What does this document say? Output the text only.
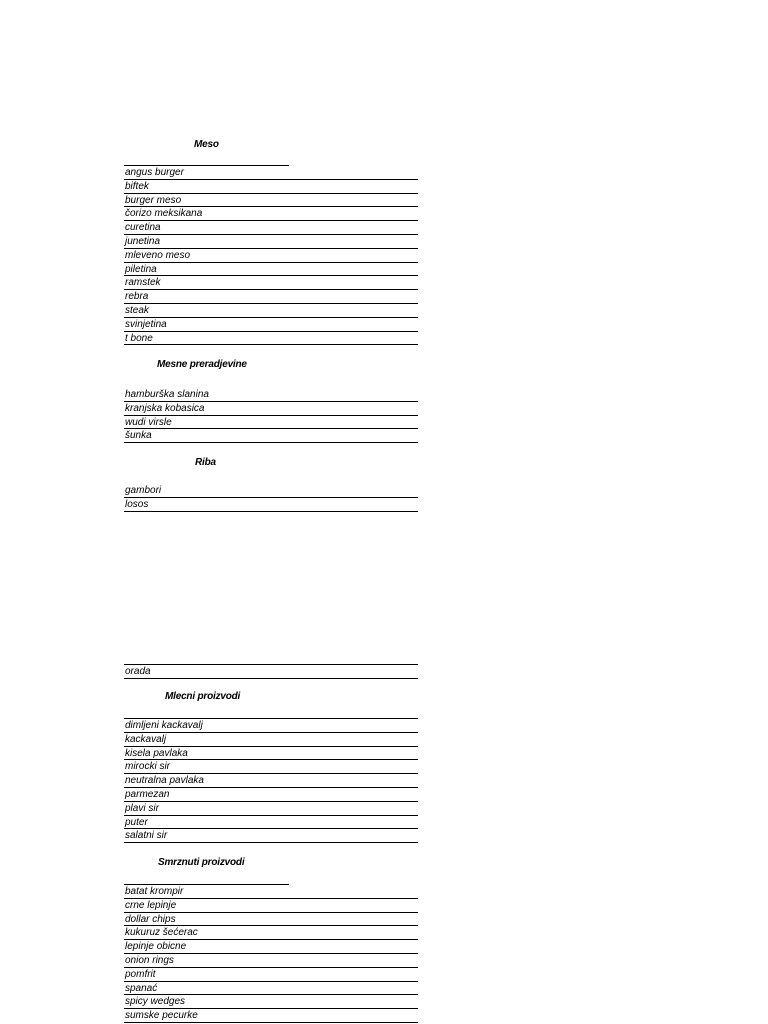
Meso
angus burger
biftek
burger meso
čorizo meksikana
curetina
junetina
mleveno meso
piletina
ramstek
rebra
steak
svinjetina
t bone
Mesne preradjevine
hamburška slanina
kranjska kobasica
wudi virsle
šunka
Riba
gambori
losos
orada
Mlecni proizvodi
dimljeni kackavalj
kackavalj
kisela pavlaka
mirocki sir
neutralna pavlaka
parmezan
plavi sir
puter
salatni sir
Smrznuti proizvodi
batat krompir
crne lepinje
dollar chips
kukuruz šećerac
lepinje obicne
onion rings
pomfrit
spanać
spicy wedges
sumske pecurke
